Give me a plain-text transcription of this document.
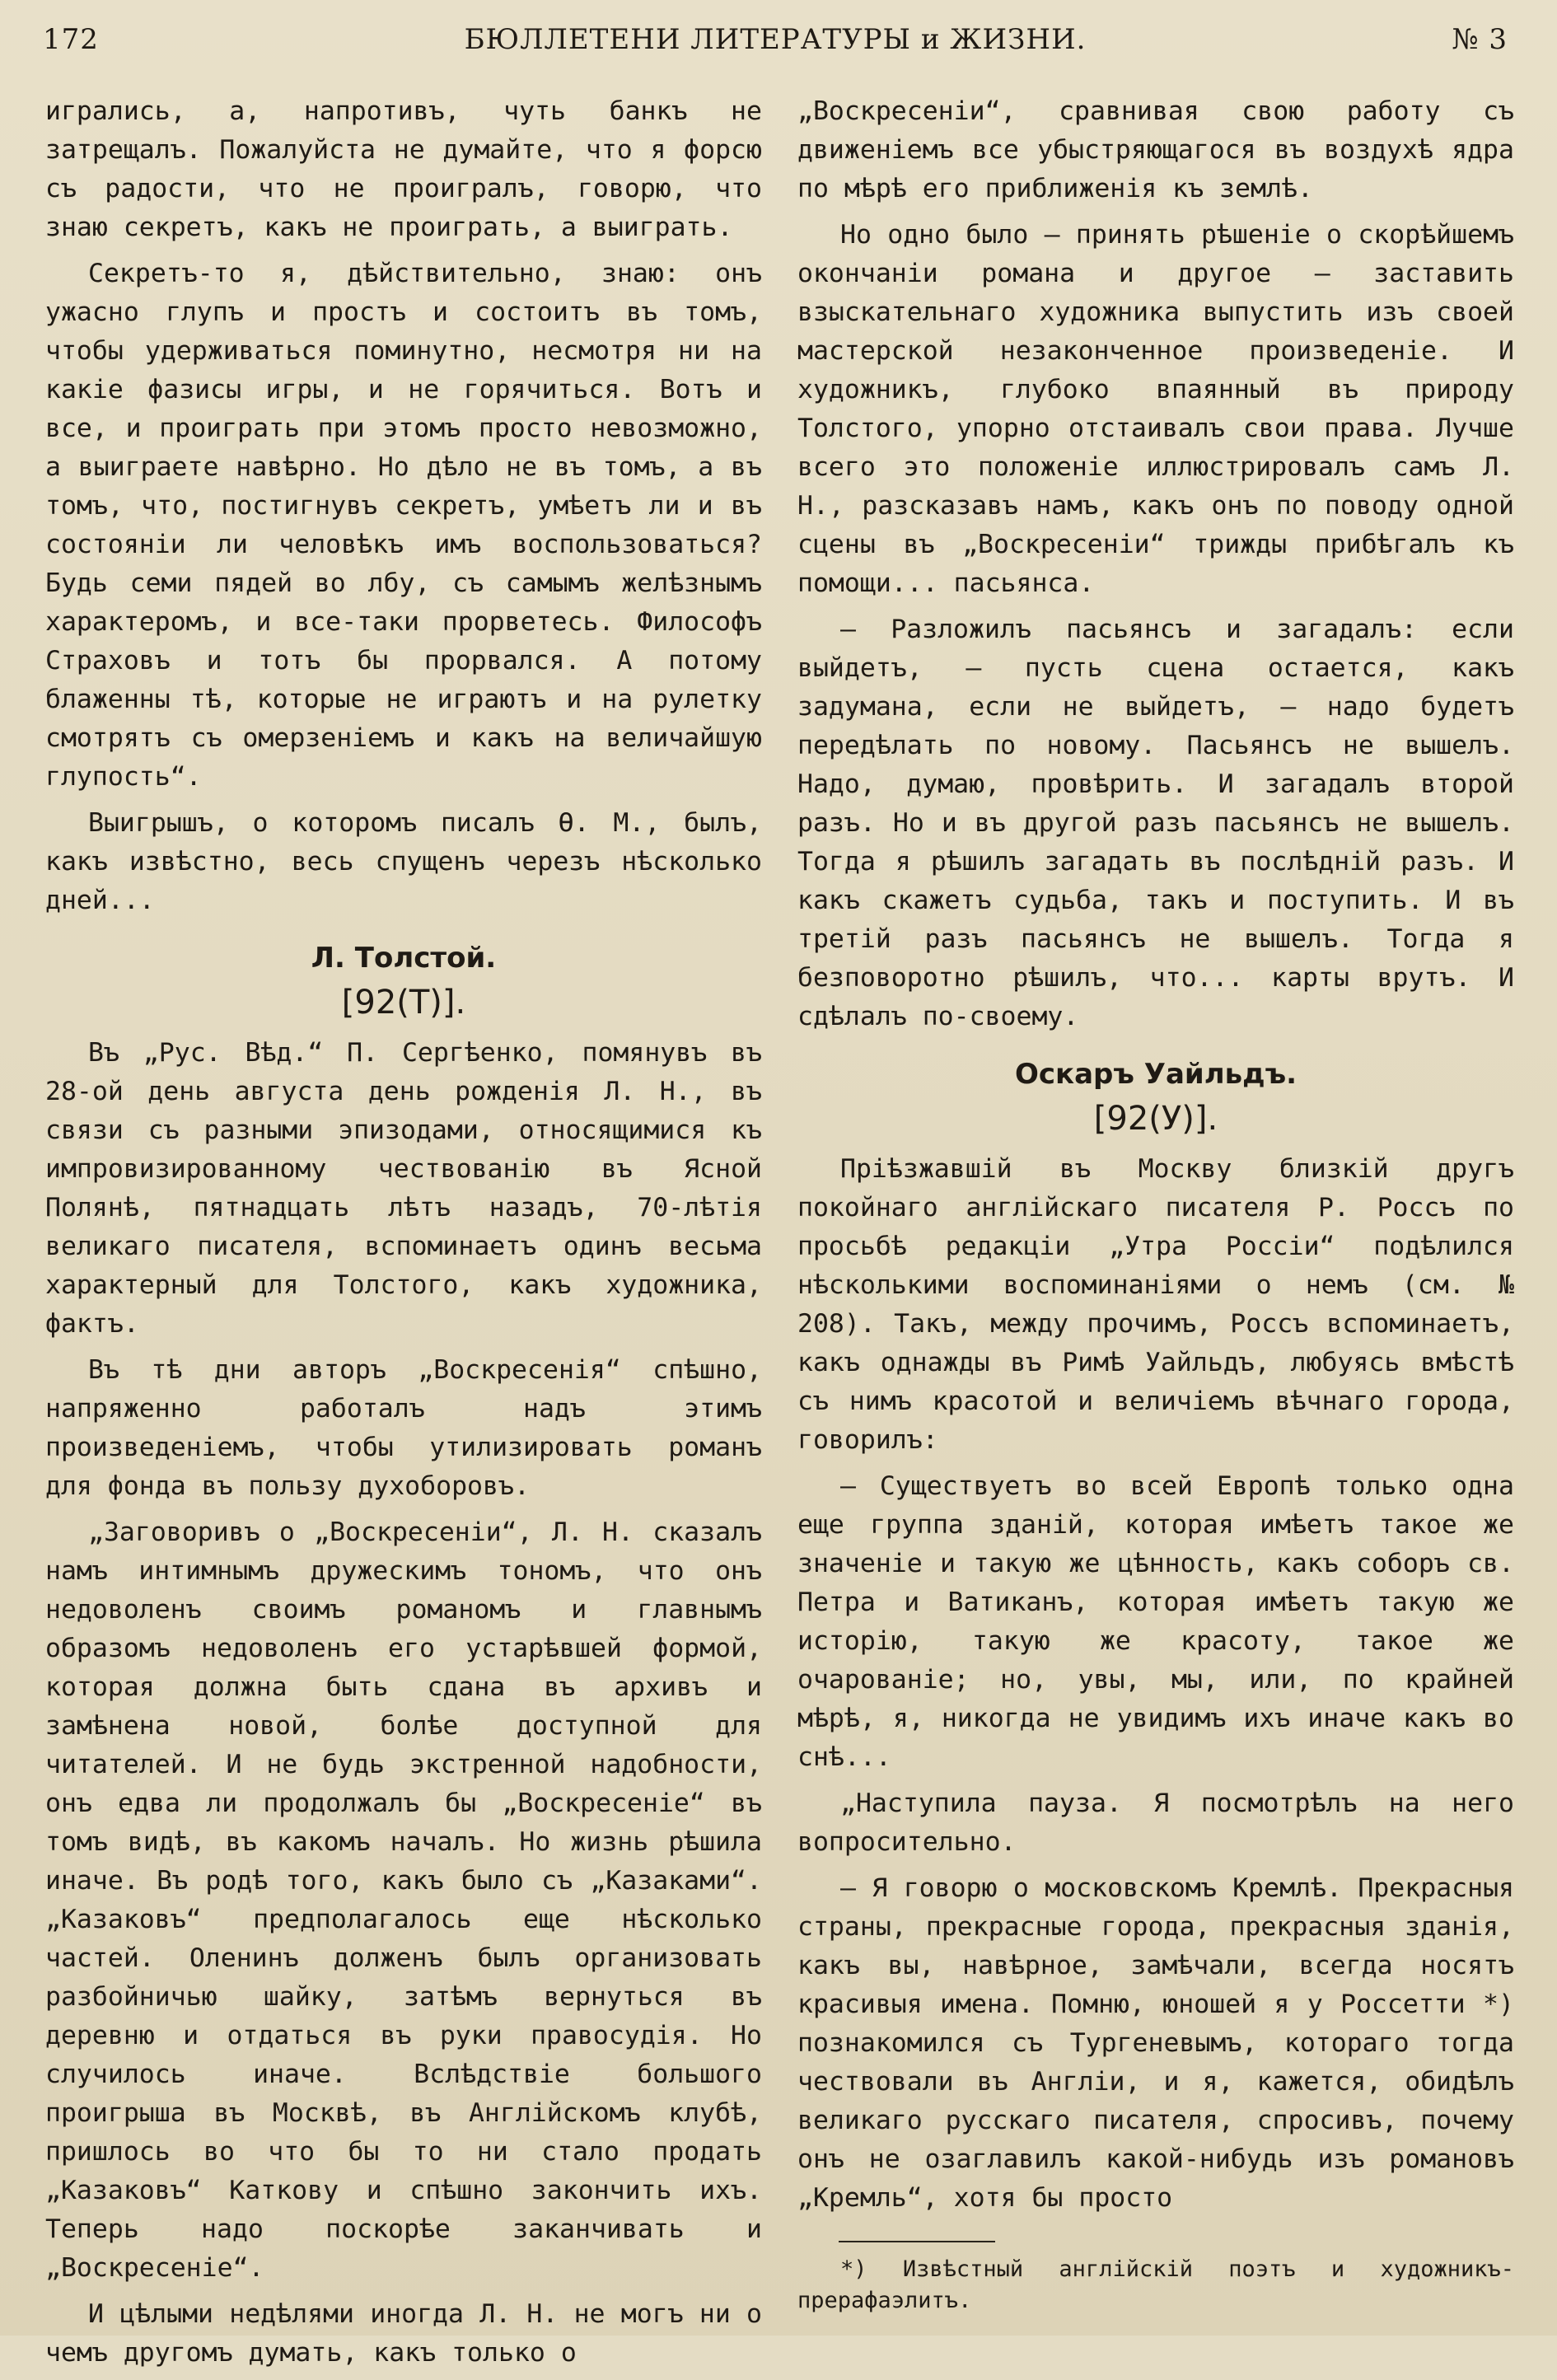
172	БЮЛЛЕТЕНИ ЛИТЕРАТУРЫ и ЖИЗНИ.	№ 3

игрались, а, напротивъ, чуть банкъ не затрещалъ. Пожалуйста не думайте, что я форсю съ радости, что не проигралъ, говорю, что знаю секретъ, какъ не проиграть, а выиграть.

Секретъ-то я, дѣйствительно, знаю: онъ ужасно глупъ и простъ и состоитъ въ томъ, чтобы удерживаться поминутно, несмотря ни на какіе фазисы игры, и не горячиться. Вотъ и все, и проиграть при этомъ просто невозможно, а выиграете навѣрно. Но дѣло не въ томъ, а въ томъ, что, постигнувъ секретъ, умѣетъ ли и въ состояніи ли человѣкъ имъ воспользоваться? Будь семи пядей во лбу, съ самымъ желѣзнымъ характеромъ, и все-таки прорветесь. Философъ Страховъ и тотъ бы прорвался. А потому блаженны тѣ, которые не играютъ и на рулетку смотрятъ съ омерзеніемъ и какъ на величайшую глупость“.

Выигрышъ, о которомъ писалъ Ѳ. М., былъ, какъ извѣстно, весь спущенъ черезъ нѣсколько дней...

Л. Толстой.
[92(Т)].

Въ „Рус. Вѣд.“ П. Сергѣенко, помянувъ въ 28-ой день августа день рожденія Л. Н., въ связи съ разными эпизодами, относящимися къ импровизированному чествованію въ Ясной Полянѣ, пятнадцать лѣтъ назадъ, 70-лѣтія великаго писателя, вспоминаетъ одинъ весьма характерный для Толстого, какъ художника, фактъ.

Въ тѣ дни авторъ „Воскресенія“ спѣшно, напряженно работалъ надъ этимъ произведеніемъ, чтобы утилизировать романъ для фонда въ пользу духоборовъ.

„Заговоривъ о „Воскресеніи“, Л. Н. сказалъ намъ интимнымъ дружескимъ тономъ, что онъ недоволенъ своимъ романомъ и главнымъ образомъ недоволенъ его устарѣвшей формой, которая должна быть сдана въ архивъ и замѣнена новой, болѣе доступной для читателей. И не будь экстренной надобности, онъ едва ли продолжалъ бы „Воскресеніе“ въ томъ видѣ, въ какомъ началъ. Но жизнь рѣшила иначе. Въ родѣ того, какъ было съ „Казаками“. „Казаковъ“ предполагалось еще нѣсколько частей. Оленинъ долженъ былъ организовать разбойничью шайку, затѣмъ вернуться въ деревню и отдаться въ руки правосудія. Но случилось иначе. Вслѣдствіе большого проигрыша въ Москвѣ, въ Англійскомъ клубѣ, пришлось во что бы то ни стало продать „Казаковъ“ Каткову и спѣшно закончить ихъ. Теперь надо поскорѣе заканчивать и „Воскресеніе“.

И цѣлыми недѣлями иногда Л. Н. не могъ ни о чемъ другомъ думать, какъ только о

„Воскресеніи“, сравнивая свою работу съ движеніемъ все убыстряющагося въ воздухѣ ядра по мѣрѣ его приближенія къ землѣ.

Но одно было — принять рѣшеніе о скорѣйшемъ окончаніи романа и другое — заставить взыскательнаго художника выпустить изъ своей мастерской незаконченное произведеніе. И художникъ, глубоко впаянный въ природу Толстого, упорно отстаивалъ свои права. Лучше всего это положеніе иллюстрировалъ самъ Л. Н., разсказавъ намъ, какъ онъ по поводу одной сцены въ „Воскресеніи“ трижды прибѣгалъ къ помощи... пасьянса.

— Разложилъ пасьянсъ и загадалъ: если выйдетъ, — пусть сцена остается, какъ задумана, если не выйдетъ, — надо будетъ передѣлать по новому. Пасьянсъ не вышелъ. Надо, думаю, провѣрить. И загадалъ второй разъ. Но и въ другой разъ пасьянсъ не вышелъ. Тогда я рѣшилъ загадать въ послѣдній разъ. И какъ скажетъ судьба, такъ и поступить. И въ третій разъ пасьянсъ не вышелъ. Тогда я безповоротно рѣшилъ, что... карты врутъ. И сдѣлалъ по-своему.

Оскаръ Уайльдъ.
[92(У)].

Пріѣзжавшій въ Москву близкій другъ покойнаго англійскаго писателя Р. Россъ по просьбѣ редакціи „Утра Россіи“ подѣлился нѣсколькими воспоминаніями о немъ (см. № 208). Такъ, между прочимъ, Россъ вспоминаетъ, какъ однажды въ Римѣ Уайльдъ, любуясь вмѣстѣ съ нимъ красотой и величіемъ вѣчнаго города, говорилъ:

— Существуетъ во всей Европѣ только одна еще группа зданій, которая имѣетъ такое же значеніе и такую же цѣнность, какъ соборъ св. Петра и Ватиканъ, которая имѣетъ такую же исторію, такую же красоту, такое же очарованіе; но, увы, мы, или, по крайней мѣрѣ, я, никогда не увидимъ ихъ иначе какъ во снѣ...

„Наступила пауза. Я посмотрѣлъ на него вопросительно.

— Я говорю о московскомъ Кремлѣ. Прекрасныя страны, прекрасные города, прекрасныя зданія, какъ вы, навѣрное, замѣчали, всегда носятъ красивыя имена. Помню, юношей я у Россетти *) познакомился съ Тургеневымъ, котораго тогда чествовали въ Англіи, и я, кажется, обидѣлъ великаго русскаго писателя, спросивъ, почему онъ не озаглавилъ какой-нибудь изъ романовъ „Кремль“, хотя бы просто

*) Извѣстный англійскій поэтъ и художникъ-прерафаэлитъ.
